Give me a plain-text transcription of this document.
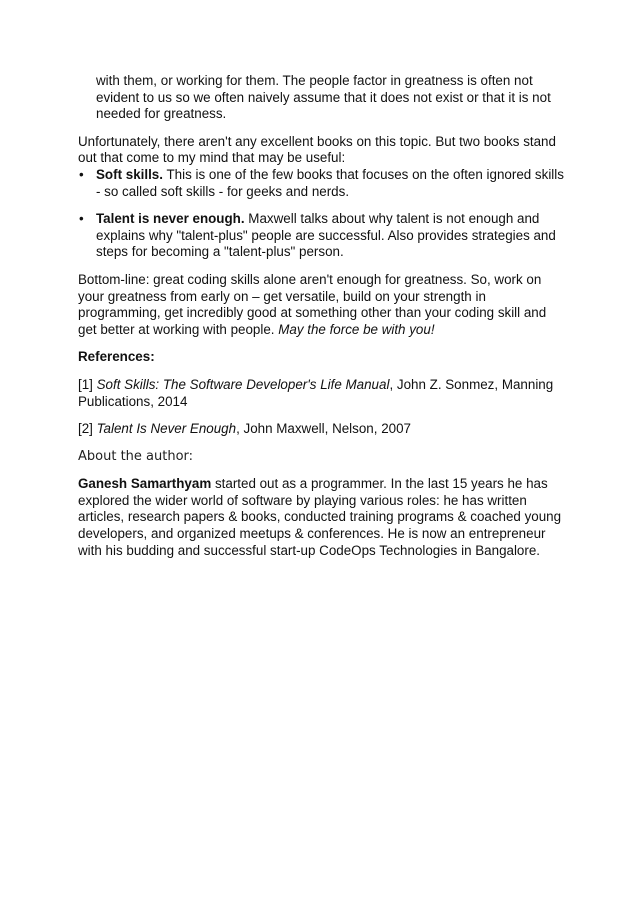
with them, or working for them. The people factor in greatness is often not evident to us so we often naively assume that it does not exist or that it is not needed for greatness.

Unfortunately, there aren't any excellent books on this topic. But two books stand out that come to my mind that may be useful:

• Soft skills. This is one of the few books that focuses on the often ignored skills - so called soft skills - for geeks and nerds.
• Talent is never enough. Maxwell talks about why talent is not enough and explains why "talent-plus" people are successful. Also provides strategies and steps for becoming a "talent-plus" person.

Bottom-line: great coding skills alone aren't enough for greatness. So, work on your greatness from early on – get versatile, build on your strength in programming, get incredibly good at something other than your coding skill and get better at working with people. May the force be with you!

References:

[1] Soft Skills: The Software Developer's Life Manual, John Z. Sonmez, Manning Publications, 2014

[2] Talent Is Never Enough, John Maxwell, Nelson, 2007

About the author:

Ganesh Samarthyam started out as a programmer. In the last 15 years he has explored the wider world of software by playing various roles: he has written articles, research papers & books, conducted training programs & coached young developers, and organized meetups & conferences. He is now an entrepreneur with his budding and successful start-up CodeOps Technologies in Bangalore.
